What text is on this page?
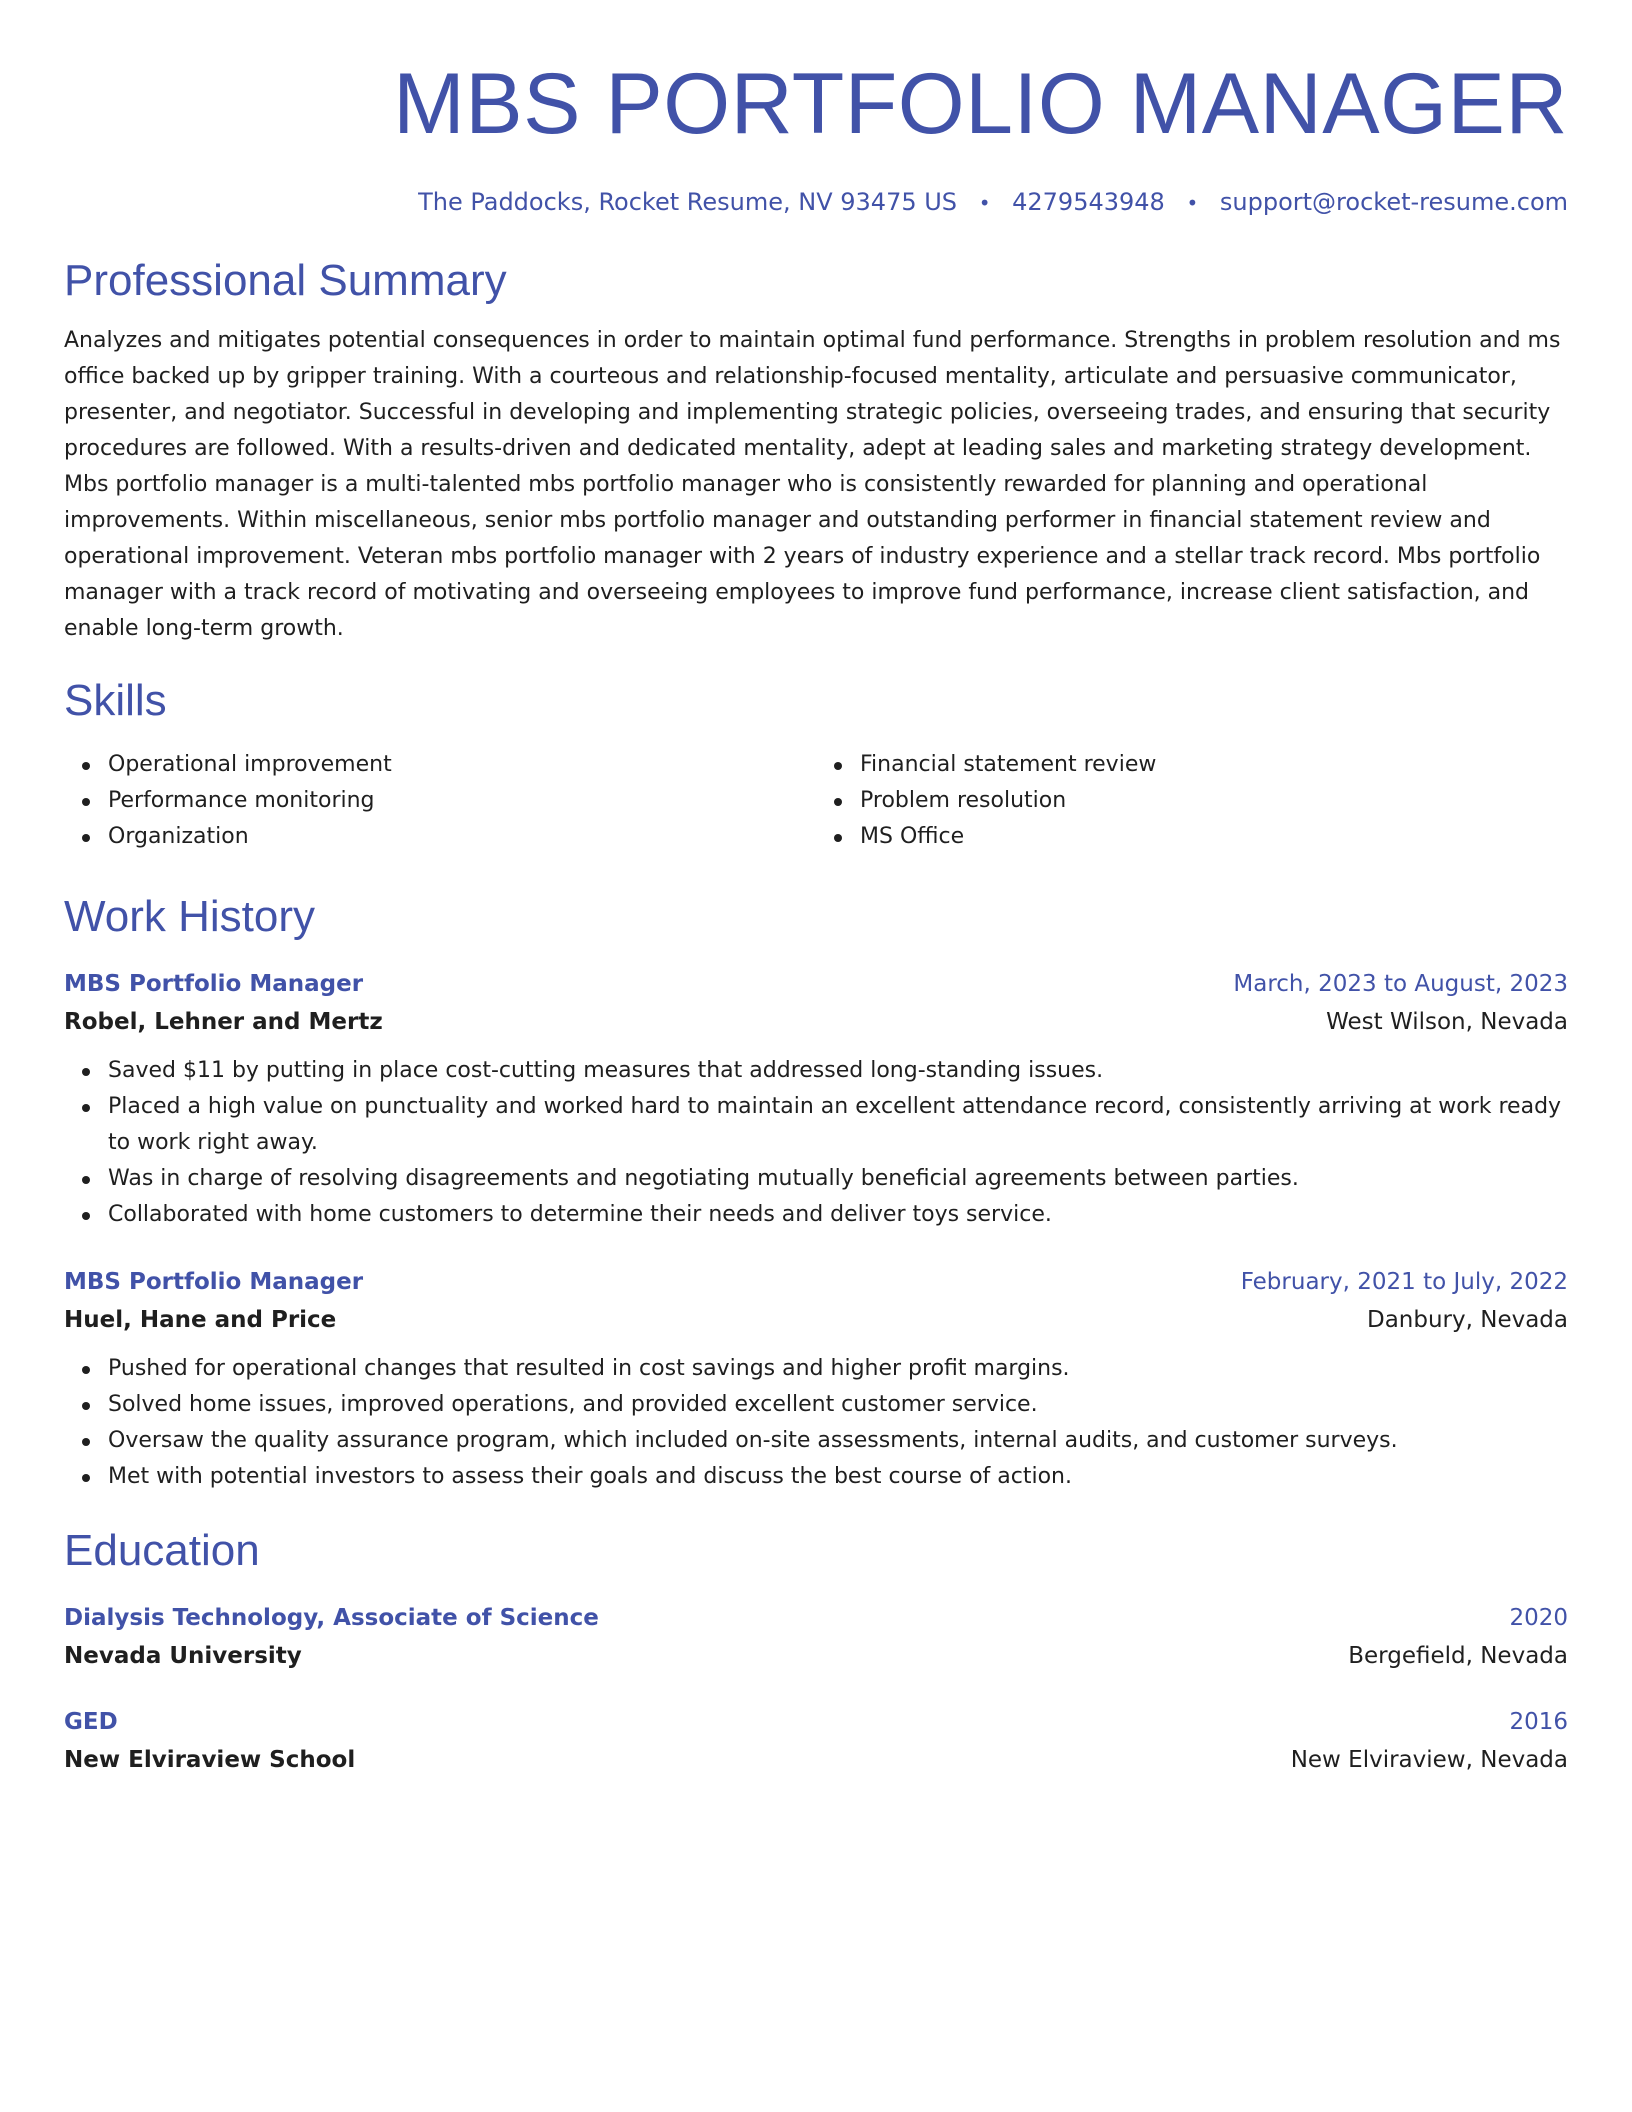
MBS PORTFOLIO MANAGER
The Paddocks, Rocket Resume, NV 93475 US • 4279543948 • support@rocket-resume.com
Professional Summary

Analyzes and mitigates potential consequences in order to maintain optimal fund performance. Strengths in problem resolution and ms office backed up by gripper training. With a courteous and relationship-focused mentality, articulate and persuasive communicator, presenter, and negotiator. Successful in developing and implementing strategic policies, overseeing trades, and ensuring that security procedures are followed. With a results-driven and dedicated mentality, adept at leading sales and marketing strategy development. Mbs portfolio manager is a multi-talented mbs portfolio manager who is consistently rewarded for planning and operational improvements. Within miscellaneous, senior mbs portfolio manager and outstanding performer in financial statement review and operational improvement. Veteran mbs portfolio manager with 2 years of industry experience and a stellar track record. Mbs portfolio manager with a track record of motivating and overseeing employees to improve fund performance, increase client satisfaction, and enable long-term growth.

Skills
Operational improvement
Performance monitoring
Organization
Financial statement review
Problem resolution
MS Office
Work History
MBS Portfolio Manager	March, 2023 to August, 2023
Robel, Lehner and Mertz	West Wilson, Nevada
Saved $11 by putting in place cost-cutting measures that addressed long-standing issues.
Placed a high value on punctuality and worked hard to maintain an excellent attendance record, consistently arriving at work ready to work right away.
Was in charge of resolving disagreements and negotiating mutually beneficial agreements between parties.
Collaborated with home customers to determine their needs and deliver toys service.
MBS Portfolio Manager	February, 2021 to July, 2022
Huel, Hane and Price	Danbury, Nevada
Pushed for operational changes that resulted in cost savings and higher profit margins.
Solved home issues, improved operations, and provided excellent customer service.
Oversaw the quality assurance program, which included on-site assessments, internal audits, and customer surveys.
Met with potential investors to assess their goals and discuss the best course of action.
Education
Dialysis Technology, Associate of Science	2020
Nevada University	Bergefield, Nevada
GED	2016
New Elviraview School	New Elviraview, Nevada
